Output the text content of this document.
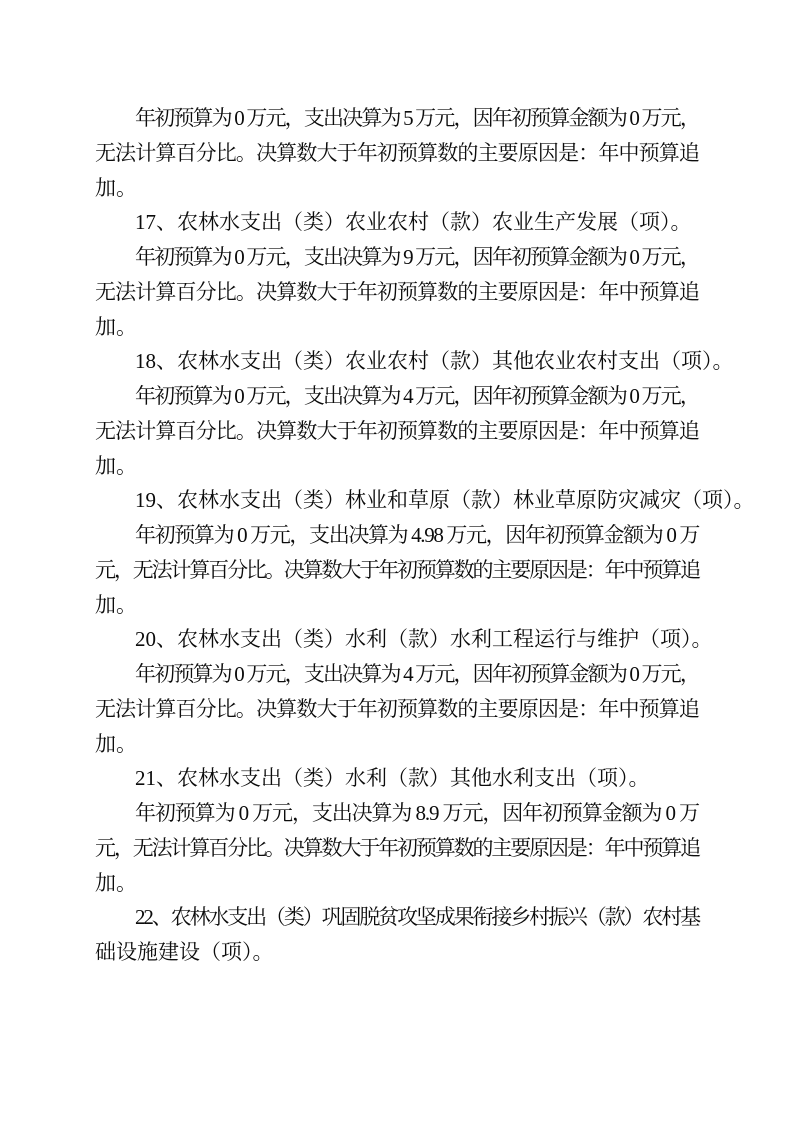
年初预算为 0 万元，支出决算为 5 万元，因年初预算金额为 0 万元，
无法计算百分比。决算数大于年初预算数的主要原因是：年中预算追
加。

17、农林水支出（类）农业农村（款）农业生产发展（项）。

年初预算为 0 万元，支出决算为 9 万元，因年初预算金额为 0 万元，
无法计算百分比。决算数大于年初预算数的主要原因是：年中预算追
加。

18、农林水支出（类）农业农村（款）其他农业农村支出（项）。

年初预算为 0 万元，支出决算为 4 万元，因年初预算金额为 0 万元，
无法计算百分比。决算数大于年初预算数的主要原因是：年中预算追
加。

19、农林水支出（类）林业和草原（款）林业草原防灾减灾（项）。

年初预算为 0 万元，支出决算为 4.98 万元，因年初预算金额为 0 万
元，无法计算百分比。决算数大于年初预算数的主要原因是：年中预算追
加。

20、农林水支出（类）水利（款）水利工程运行与维护（项）。

年初预算为 0 万元，支出决算为 4 万元，因年初预算金额为 0 万元，
无法计算百分比。决算数大于年初预算数的主要原因是：年中预算追
加。

21、农林水支出（类）水利（款）其他水利支出（项）。

年初预算为 0 万元，支出决算为 8.9 万元，因年初预算金额为 0 万
元，无法计算百分比。决算数大于年初预算数的主要原因是：年中预算追
加。

22、农林水支出（类）巩固脱贫攻坚成果衔接乡村振兴（款）农村基
础设施建设（项）。
